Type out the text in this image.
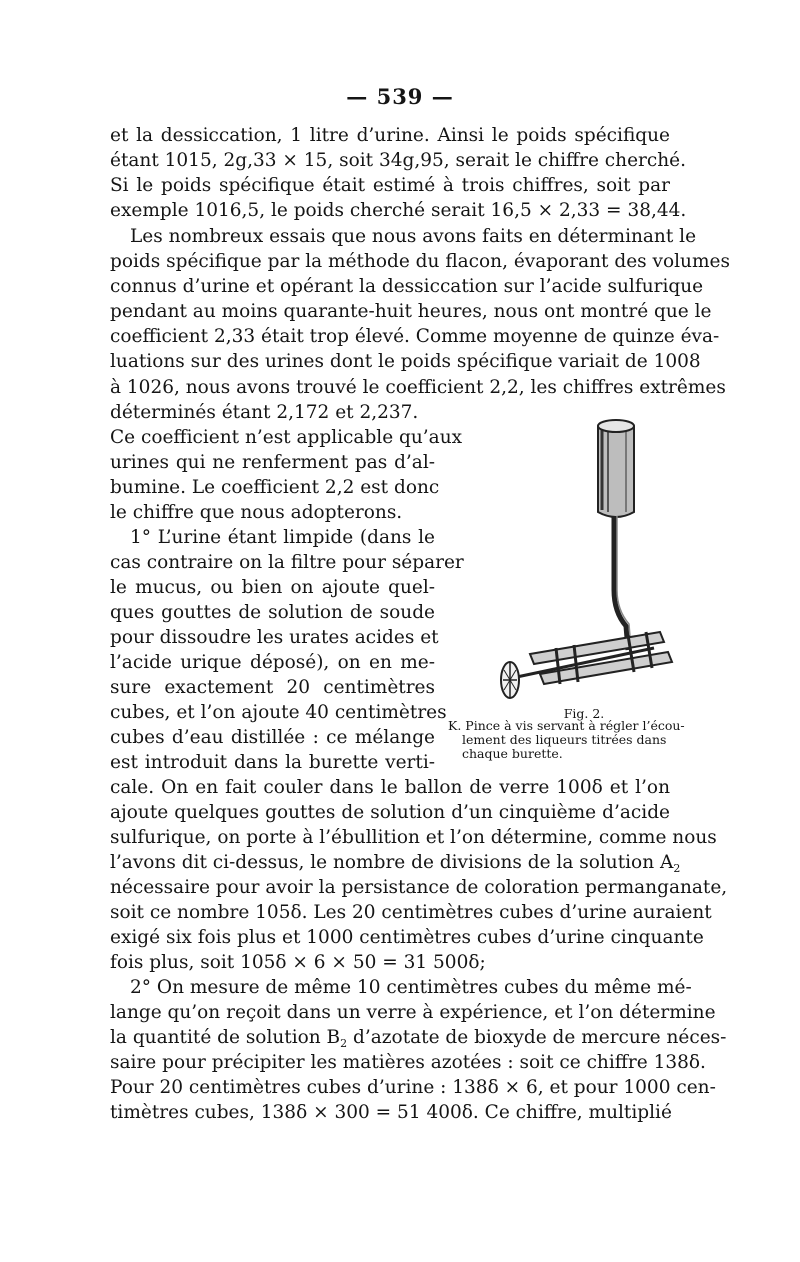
— 539 —

et la dessiccation, 1 litre d’urine. Ainsi le poids spécifique

étant 1015, 2g,33 × 15, soit 34g,95, serait le chiffre cherché.

Si le poids spécifique était estimé à trois chiffres, soit par

exemple 1016,5, le poids cherché serait 16,5 × 2,33 = 38,44.

Les nombreux essais que nous avons faits en déterminant le

poids spécifique par la méthode du flacon, évaporant des volumes

connus d’urine et opérant la dessiccation sur l’acide sulfurique

pendant au moins quarante-huit heures, nous ont montré que le

coefficient 2,33 était trop élevé. Comme moyenne de quinze éva-

luations sur des urines dont le poids spécifique variait de 1008

à 1026, nous avons trouvé le coefficient 2,2, les chiffres extrêmes

déterminés étant 2,172 et 2,237.

Ce coefficient n’est applicable qu’aux

urines qui ne renferment pas d’al-

bumine. Le coefficient 2,2 est donc

le chiffre que nous adopterons.

1° L’urine étant limpide (dans le

cas contraire on la filtre pour séparer

le mucus, ou bien on ajoute quel-

ques gouttes de solution de soude

pour dissoudre les urates acides et

l’acide urique déposé), on en me-

sure exactement 20 centimètres

cubes, et l’on ajoute 40 centimètres

cubes d’eau distillée : ce mélange

est introduit dans la burette verti-

Fig. 2.
K. Pince à vis servant à régler l’écou-
lement des liqueurs titrées dans
chaque burette.

cale. On en fait couler dans le ballon de verre 100δ et l’on

ajoute quelques gouttes de solution d’un cinquième d’acide

sulfurique, on porte à l’ébullition et l’on détermine, comme nous

l’avons dit ci-dessus, le nombre de divisions de la solution $A_2$

nécessaire pour avoir la persistance de coloration permanganate,

soit ce nombre 105δ. Les 20 centimètres cubes d’urine auraient

exigé six fois plus et 1000 centimètres cubes d’urine cinquante

fois plus, soit 105δ × 6 × 50 = 31 500δ;

2° On mesure de même 10 centimètres cubes du même mé-

lange qu’on reçoit dans un verre à expérience, et l’on détermine

la quantité de solution $B_2$ d’azotate de bioxyde de mercure néces-

saire pour précipiter les matières azotées : soit ce chiffre 138δ.

Pour 20 centimètres cubes d’urine : 138δ × 6, et pour 1000 cen-

timètres cubes, 138δ × 300 = 51 400δ. Ce chiffre, multiplié
